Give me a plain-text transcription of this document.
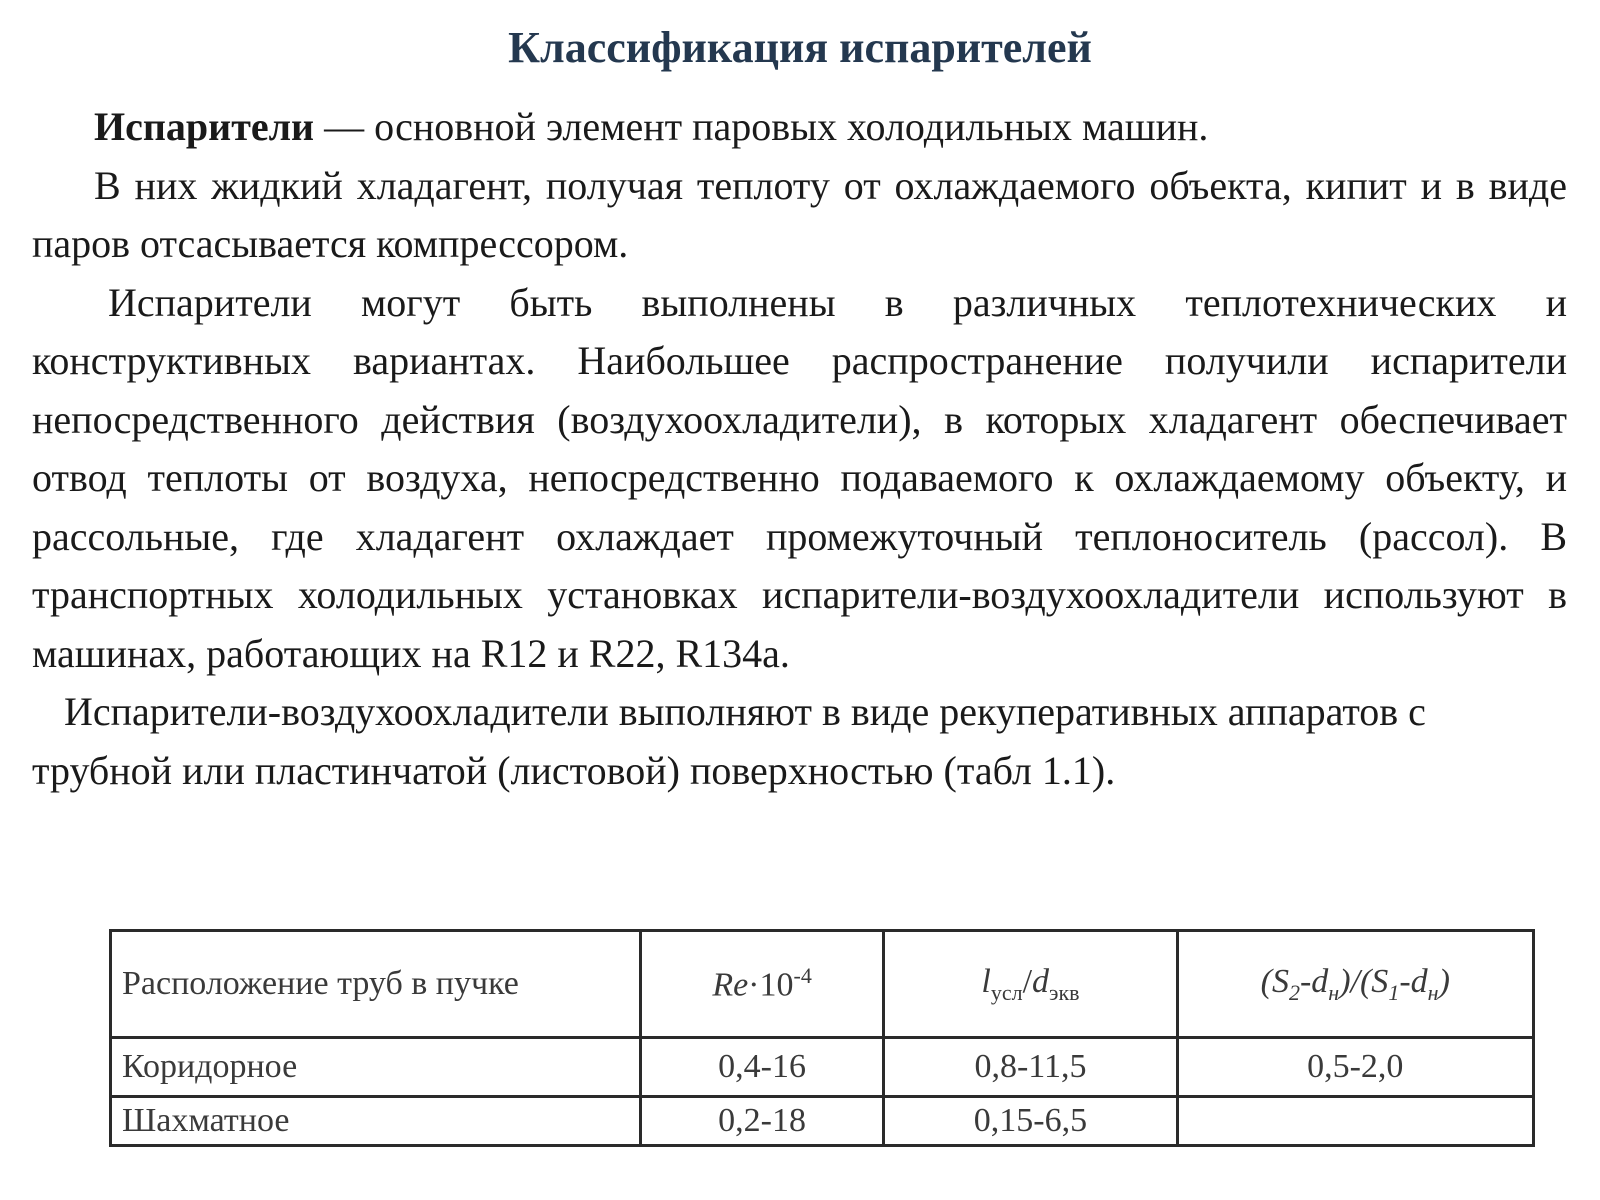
Классификация испарителей

Испарители — основной элемент паровых холодильных машин.

В них жидкий хладагент, получая теплоту от охлаждаемого объекта, кипит и в виде паров отсасывается компрессором.

Испарители могут быть выполнены в различных теплотехнических и конструктивных вариантах. Наибольшее распространение получили испарители непосредственного действия (воздухоохладители), в которых хладагент обеспечивает отвод теплоты от воздуха, непосредственно подаваемого к охлаждаемому объекту, и рассольные, где хладагент охлаждает промежуточный теплоноситель (рассол). В транспортных холодильных установках испарители-воздухоохладители используют в машинах, работающих на R12 и R22, R134a.

Испарители-воздухоохладители выполняют в виде рекуперативных аппаратов с трубной или пластинчатой (листовой) поверхностью (табл 1.1).

Расположение труб в пучке	$Re\cdot 10^{-4}$	$l_{усл}/d_{экв}$	$(S_2-d_н)/(S_1-d_н)$
Коридорное	0,4-16	0,8-11,5	0,5-2,0
Шахматное	0,2-18	0,15-6,5	
